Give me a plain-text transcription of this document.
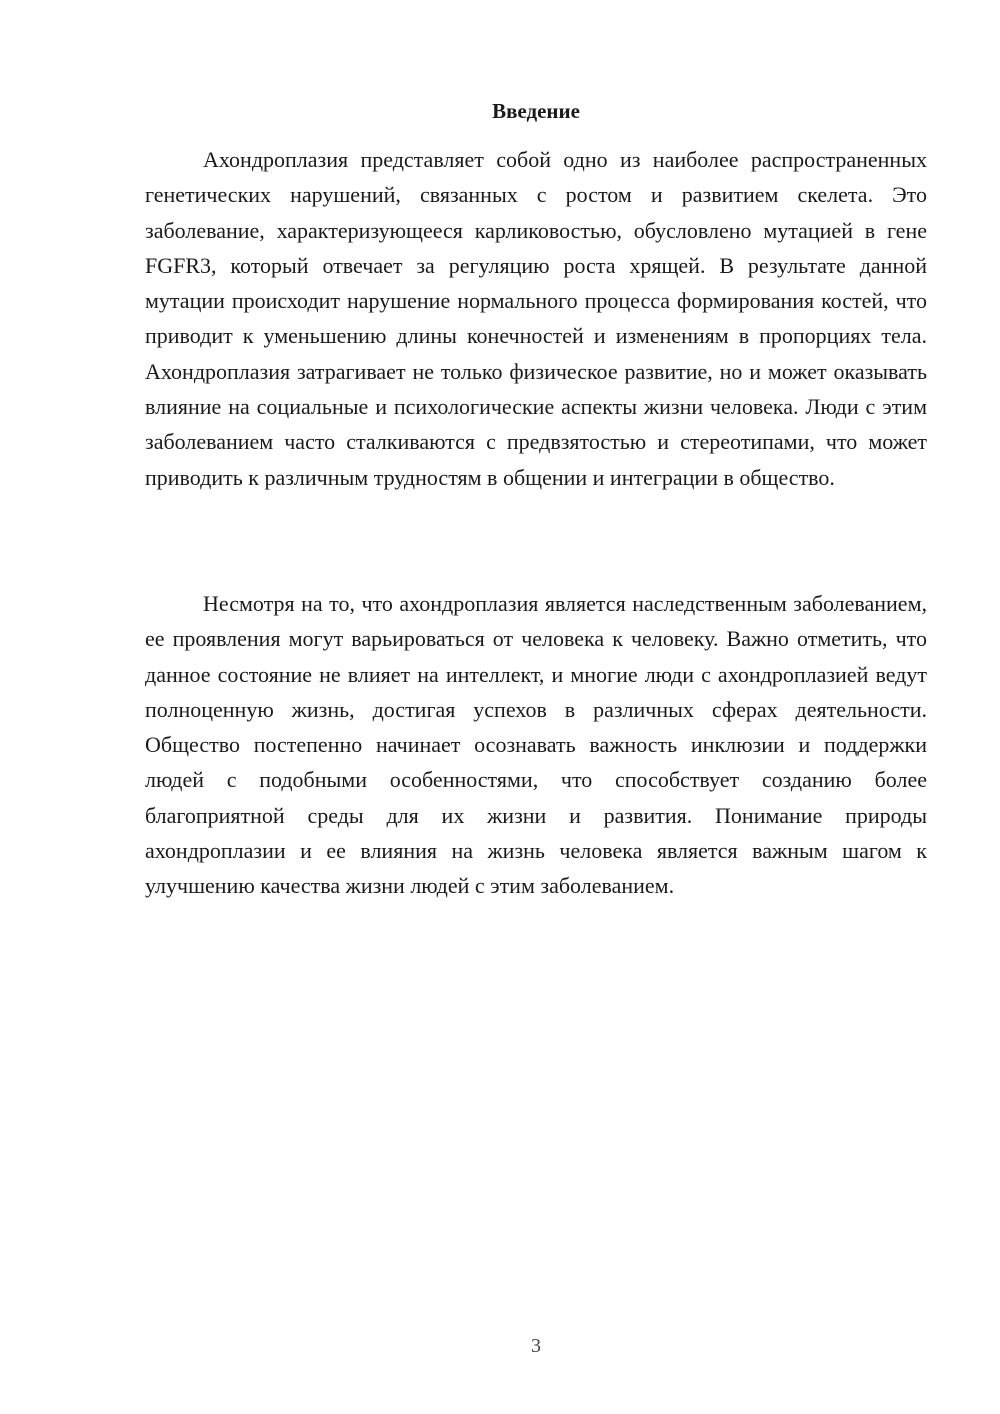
Введение

Ахондроплазия представляет собой одно из наиболее распространенных генетических нарушений, связанных с ростом и развитием скелета. Это заболевание, характеризующееся карликовостью, обусловлено мутацией в гене FGFR3, который отвечает за регуляцию роста хрящей. В результате данной мутации происходит нарушение нормального процесса формирования костей, что приводит к уменьшению длины конечностей и изменениям в пропорциях тела. Ахондроплазия затрагивает не только физическое развитие, но и может оказывать влияние на социальные и психологические аспекты жизни человека. Люди с этим заболеванием часто сталкиваются с предвзятостью и стереотипами, что может приводить к различным трудностям в общении и интеграции в общество.

Несмотря на то, что ахондроплазия является наследственным заболеванием, ее проявления могут варьироваться от человека к человеку. Важно отметить, что данное состояние не влияет на интеллект, и многие люди с ахондроплазией ведут полноценную жизнь, достигая успехов в различных сферах деятельности. Общество постепенно начинает осознавать важность инклюзии и поддержки людей с подобными особенностями, что способствует созданию более благоприятной среды для их жизни и развития. Понимание природы ахондроплазии и ее влияния на жизнь человека является важным шагом к улучшению качества жизни людей с этим заболеванием.

3
